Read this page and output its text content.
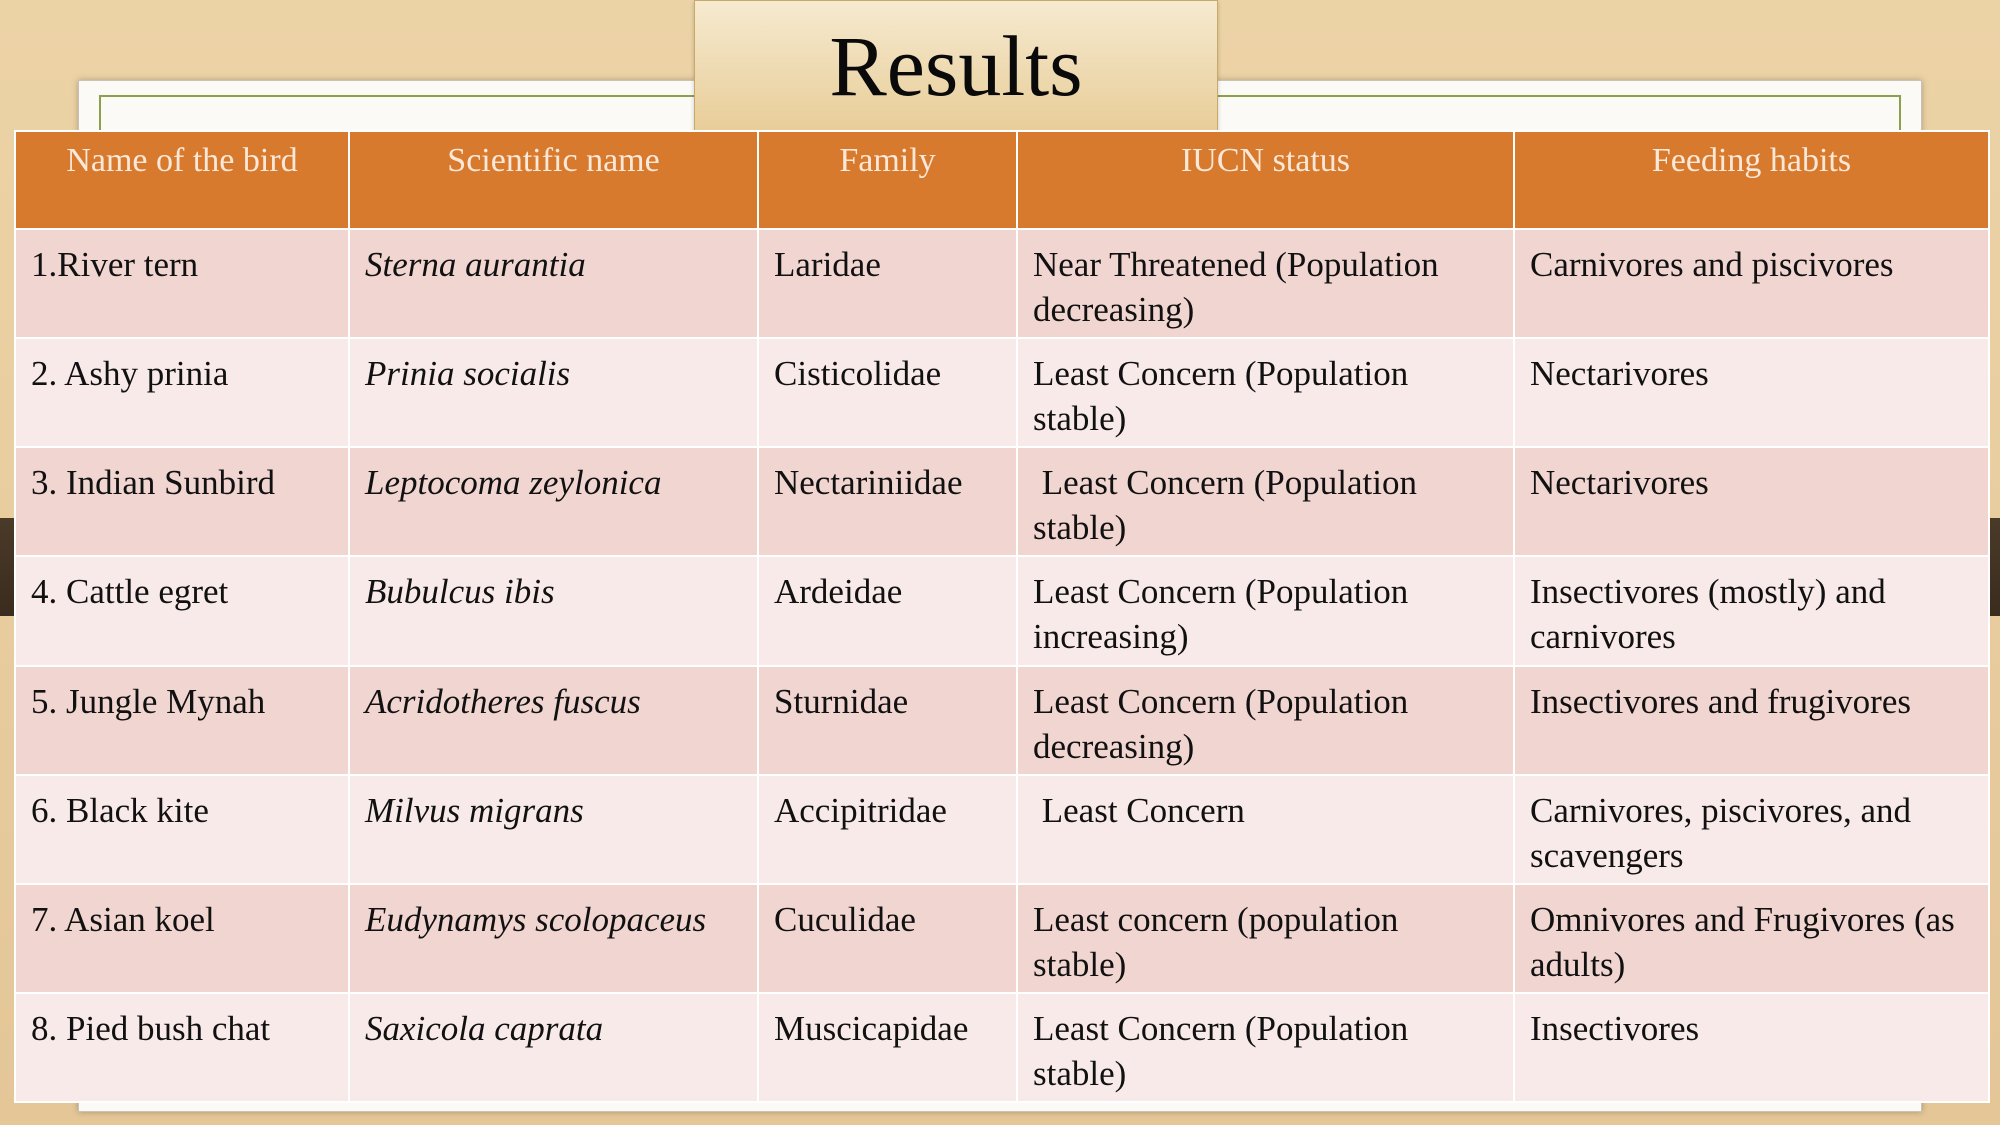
Results
Name of the bird	Scientific name	Family	IUCN status	Feeding habits
1.River tern	Sterna aurantia	Laridae	Near Threatened (Population decreasing)	Carnivores and piscivores
2. Ashy prinia	Prinia socialis	Cisticolidae	Least Concern (Population stable)	Nectarivores
3. Indian Sunbird	Leptocoma zeylonica	Nectariniidae	Least Concern (Population stable)	Nectarivores
4. Cattle egret	Bubulcus ibis	Ardeidae	Least Concern (Population increasing)	Insectivores (mostly) and carnivores
5. Jungle Mynah	Acridotheres fuscus	Sturnidae	Least Concern (Population decreasing)	Insectivores and frugivores
6. Black kite	Milvus migrans	Accipitridae	Least Concern	Carnivores, piscivores, and scavengers
7. Asian koel	Eudynamys scolopaceus	Cuculidae	Least concern (population stable)	Omnivores and Frugivores (as adults)
8. Pied bush chat	Saxicola caprata	Muscicapidae	Least Concern (Population stable)	Insectivores
